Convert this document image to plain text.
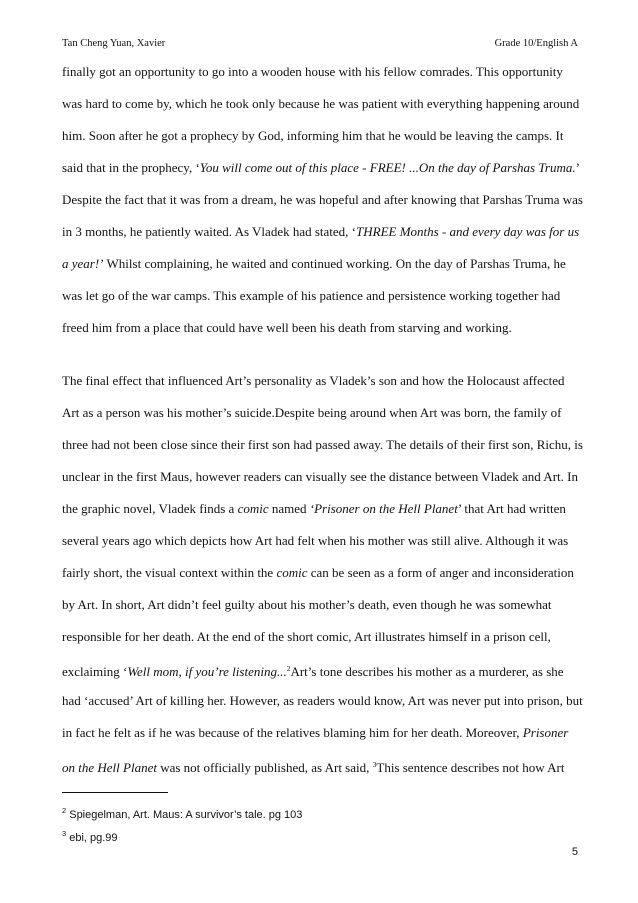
Tan Cheng Yuan, Xavier	Grade 10/English A
finally got an opportunity to go into a wooden house with his fellow comrades. This opportunity
was hard to come by, which he took only because he was patient with everything happening around
him. Soon after he got a prophecy by God, informing him that he would be leaving the camps. It
said that in the prophecy, ‘You will come out of this place - FREE! ...On the day of Parshas Truma.’
Despite the fact that it was from a dream, he was hopeful and after knowing that Parshas Truma was
in 3 months, he patiently waited. As Vladek had stated, ‘THREE Months - and every day was for us
a year!’ Whilst complaining, he waited and continued working. On the day of Parshas Truma, he
was let go of the war camps. This example of his patience and persistence working together had
freed him from a place that could have well been his death from starving and working.
The final effect that influenced Art’s personality as Vladek’s son and how the Holocaust affected
Art as a person was his mother’s suicide.Despite being around when Art was born, the family of
three had not been close since their first son had passed away. The details of their first son, Richu, is
unclear in the first Maus, however readers can visually see the distance between Vladek and Art. In
the graphic novel, Vladek finds a comic named ‘Prisoner on the Hell Planet’ that Art had written
several years ago which depicts how Art had felt when his mother was still alive. Although it was
fairly short, the visual context within the comic can be seen as a form of anger and inconsideration
by Art. In short, Art didn’t feel guilty about his mother’s death, even though he was somewhat
responsible for her death. At the end of the short comic, Art illustrates himself in a prison cell,
exclaiming ‘Well mom, if you’re listening...$^2$Art’s tone describes his mother as a murderer, as she
had ‘accused’ Art of killing her. However, as readers would know, Art was never put into prison, but
in fact he felt as if he was because of the relatives blaming him for her death. Moreover, Prisoner
on the Hell Planet was not officially published, as Art said, $^3$This sentence describes not how Art
$^2$ Spiegelman, Art. Maus: A survivor’s tale. pg 103
$^3$ ebi, pg.99
5
